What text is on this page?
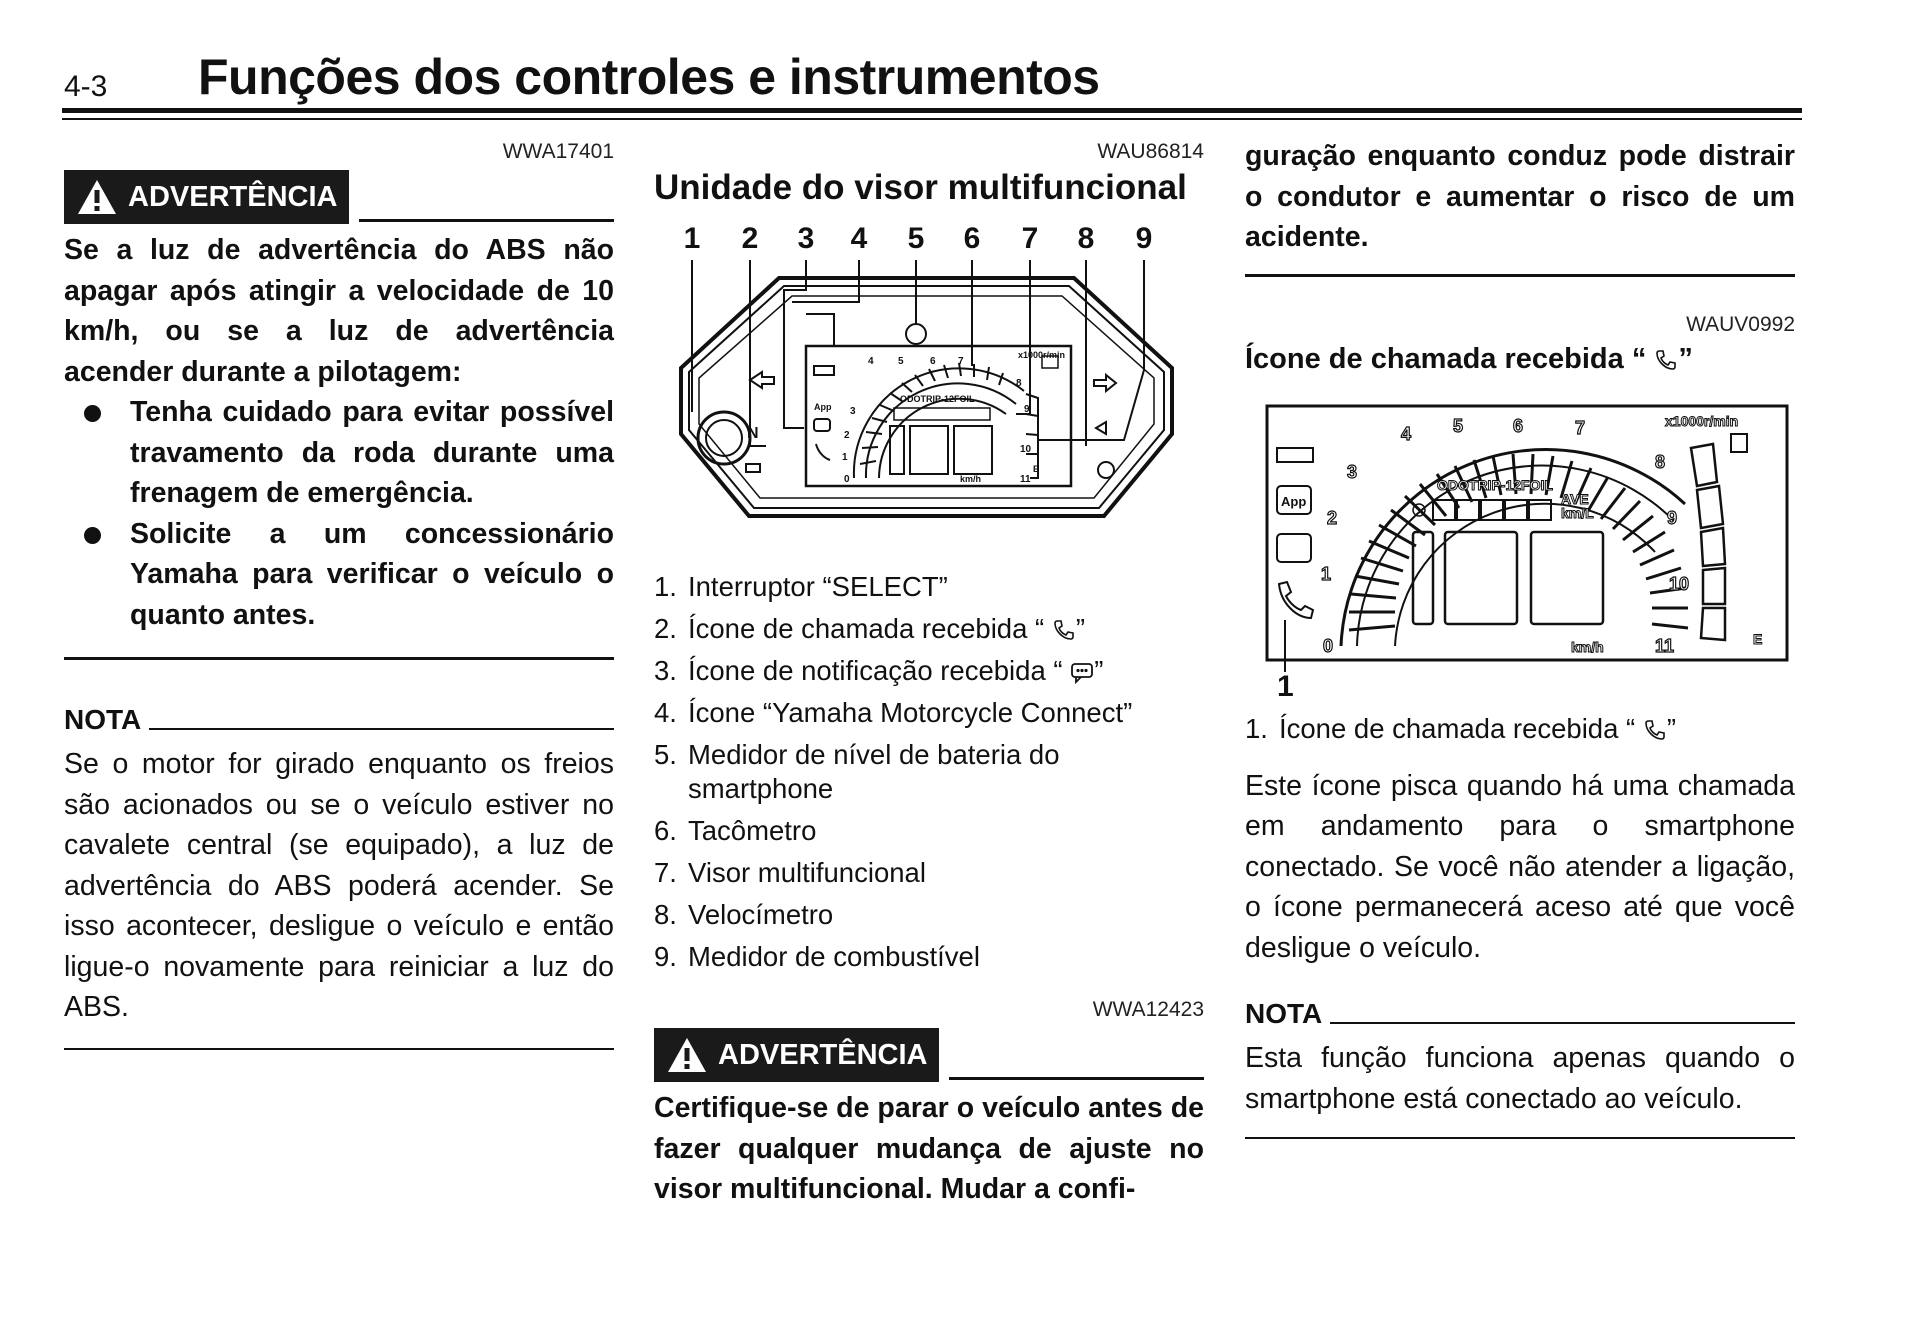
4-3 Funções dos controles e instrumentos
WWA17401
ADVERTÊNCIA

Se a luz de advertência do ABS não apagar após atingir a velocidade de 10 km/h, ou se a luz de advertência acender durante a pilotagem:

Tenha cuidado para evitar possível travamento da roda durante uma frenagem de emergência.
Solicite a um concessionário Yamaha para verificar o veículo o quanto antes.
NOTA

Se o motor for girado enquanto os freios são acionados ou se o veículo estiver no cavalete central (se equipado), a luz de advertência do ABS poderá acender. Se isso acontecer, desligue o veículo e então ligue-o novamente para reiniciar a luz do ABS.

WAU86814
Unidade do visor multifuncional
1 2 3 4 5 6 7 8 9
x1000r/min
ODOTRIP-12FOIL
km/h
App
E
0
1
2
3
4 5	6 7
8
9
10
11
N
1. Interruptor “SELECT”
2. Ícone de chamada recebida “ ”
3. Ícone de notificação recebida “ ”
4. Ícone “Yamaha Motorcycle Connect”
5. Medidor de nível de bateria do smartphone
6. Tacômetro
7. Visor multifuncional
8. Velocímetro
9. Medidor de combustível
WWA12423
ADVERTÊNCIA

Certifique-se de parar o veículo antes de fazer qualquer mudança de ajuste no visor multifuncional. Mudar a confi-

guração enquanto conduz pode distrair o condutor e aumentar o risco de um acidente.

WAUV0992
Ícone de chamada recebida “ ”
0
1
2
3
4 5	6	7
8
9
10
11
x1000r/min
ODOTRIP-12FOIL
AVE
km/L
km/h	E
App
1
1. Ícone de chamada recebida “ ”

Este ícone pisca quando há uma chamada em andamento para o smartphone conectado. Se você não atender a ligação, o ícone permanecerá aceso até que você desligue o veículo.

NOTA

Esta função funciona apenas quando o smartphone está conectado ao veículo.
